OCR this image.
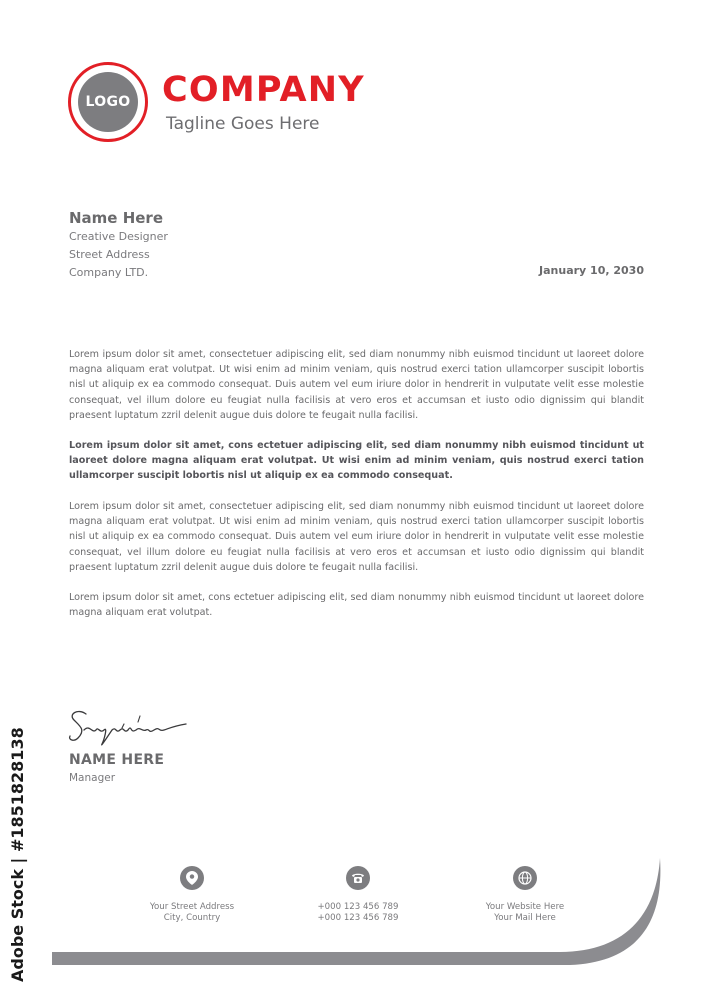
LOGO COMPANY
Tagline Goes Here
Name Here
Creative Designer
Street Address
Company LTD.	January 10, 2030
Lorem ipsum dolor sit amet, consectetuer adipiscing elit, sed diam nonummy nibh euismod tincidunt ut laoreet dolore magna aliquam erat volutpat. Ut wisi enim ad minim veniam, quis nostrud exerci tation ullamcorper suscipit lobortis nisl ut aliquip ex ea commodo consequat. Duis autem vel eum iriure dolor in hendrerit in vulputate velit esse molestie consequat, vel illum dolore eu feugiat nulla facilisis at vero eros et accumsan et iusto odio dignissim qui blandit praesent luptatum zzril delenit augue duis dolore te feugait nulla facilisi.
Lorem ipsum dolor sit amet, cons ectetuer adipiscing elit, sed diam nonummy nibh euismod tincidunt ut laoreet dolore magna aliquam erat volutpat. Ut wisi enim ad minim veniam, quis nostrud exerci tation ullamcorper suscipit lobortis nisl ut aliquip ex ea commodo consequat.
Lorem ipsum dolor sit amet, consectetuer adipiscing elit, sed diam nonummy nibh euismod tincidunt ut laoreet dolore magna aliquam erat volutpat. Ut wisi enim ad minim veniam, quis nostrud exerci tation ullamcorper suscipit lobortis nisl ut aliquip ex ea commodo consequat. Duis autem vel eum iriure dolor in hendrerit in vulputate velit esse molestie consequat, vel illum dolore eu feugiat nulla facilisis at vero eros et accumsan et iusto odio dignissim qui blandit praesent luptatum zzril delenit augue duis dolore te feugait nulla facilisi.
Lorem ipsum dolor sit amet, cons ectetuer adipiscing elit, sed diam nonummy nibh euismod tincidunt ut laoreet dolore magna aliquam erat volutpat.
NAME HERE
Manager
Adobe Stock | #1851828138	Your Street Address
City, Country
+000 123 456 789
+000 123 456 789
Your Website Here
Your Mail Here
